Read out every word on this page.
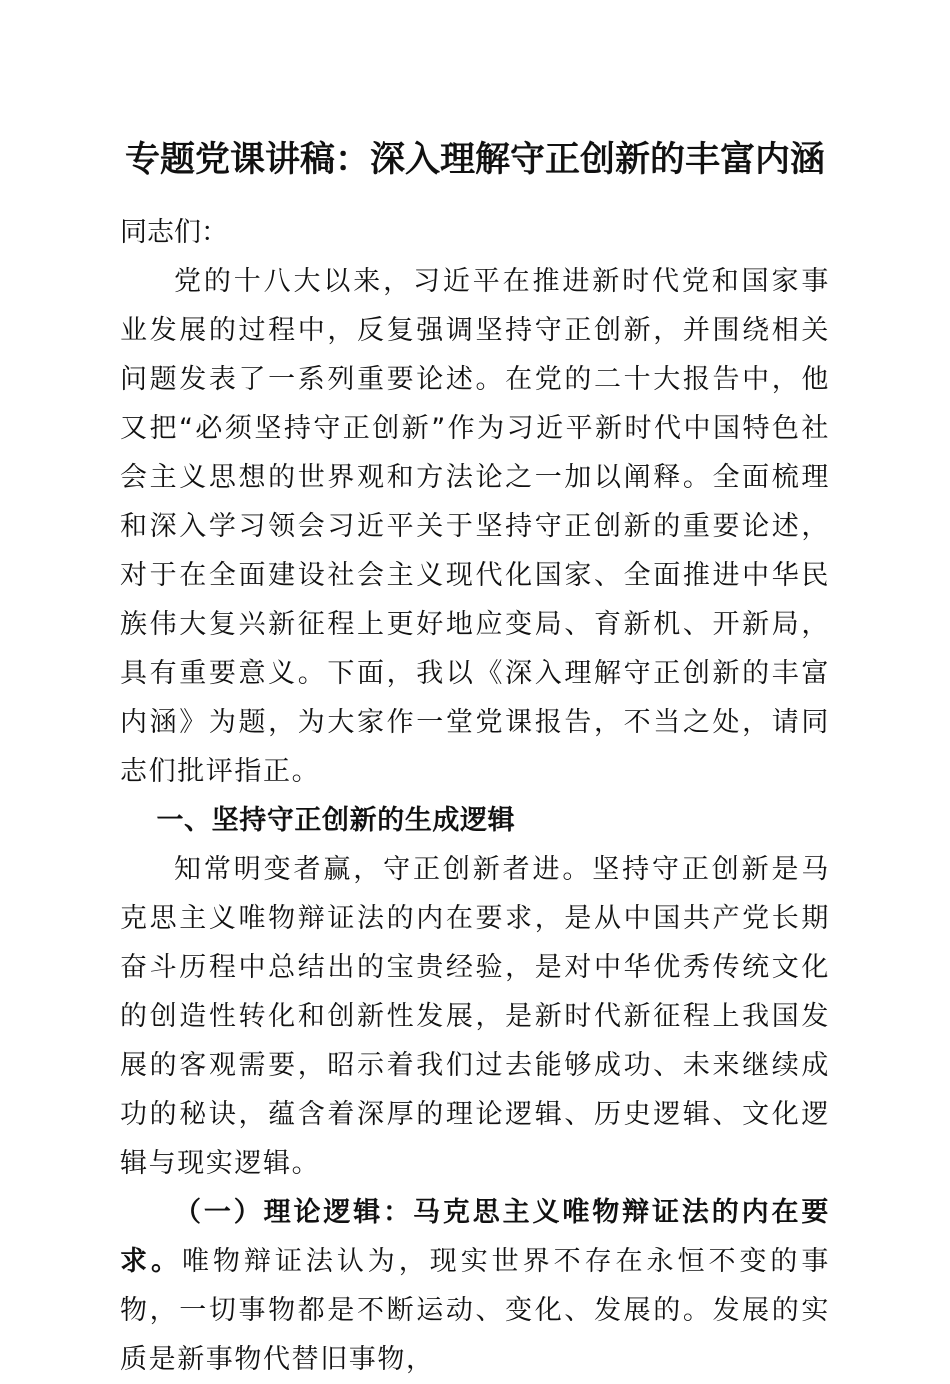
专题党课讲稿：深入理解守正创新的丰富内涵

同志们：

党的十八大以来，习近平在推进新时代党和国家事业发展的过程中，反复强调坚持守正创新，并围绕相关问题发表了一系列重要论述。在党的二十大报告中，他又把“必须坚持守正创新”作为习近平新时代中国特色社会主义思想的世界观和方法论之一加以阐释。全面梳理和深入学习领会习近平关于坚持守正创新的重要论述，对于在全面建设社会主义现代化国家、全面推进中华民族伟大复兴新征程上更好地应变局、育新机、开新局，具有重要意义。下面，我以《深入理解守正创新的丰富内涵》为题，为大家作一堂党课报告，不当之处，请同志们批评指正。

一、坚持守正创新的生成逻辑

知常明变者赢，守正创新者进。坚持守正创新是马克思主义唯物辩证法的内在要求，是从中国共产党长期奋斗历程中总结出的宝贵经验，是对中华优秀传统文化的创造性转化和创新性发展，是新时代新征程上我国发展的客观需要，昭示着我们过去能够成功、未来继续成功的秘诀，蕴含着深厚的理论逻辑、历史逻辑、文化逻辑与现实逻辑。

（一）理论逻辑：马克思主义唯物辩证法的内在要求。唯物辩证法认为，现实世界不存在永恒不变的事物，一切事物都是不断运动、变化、发展的。发展的实质是新事物代替旧事物，
